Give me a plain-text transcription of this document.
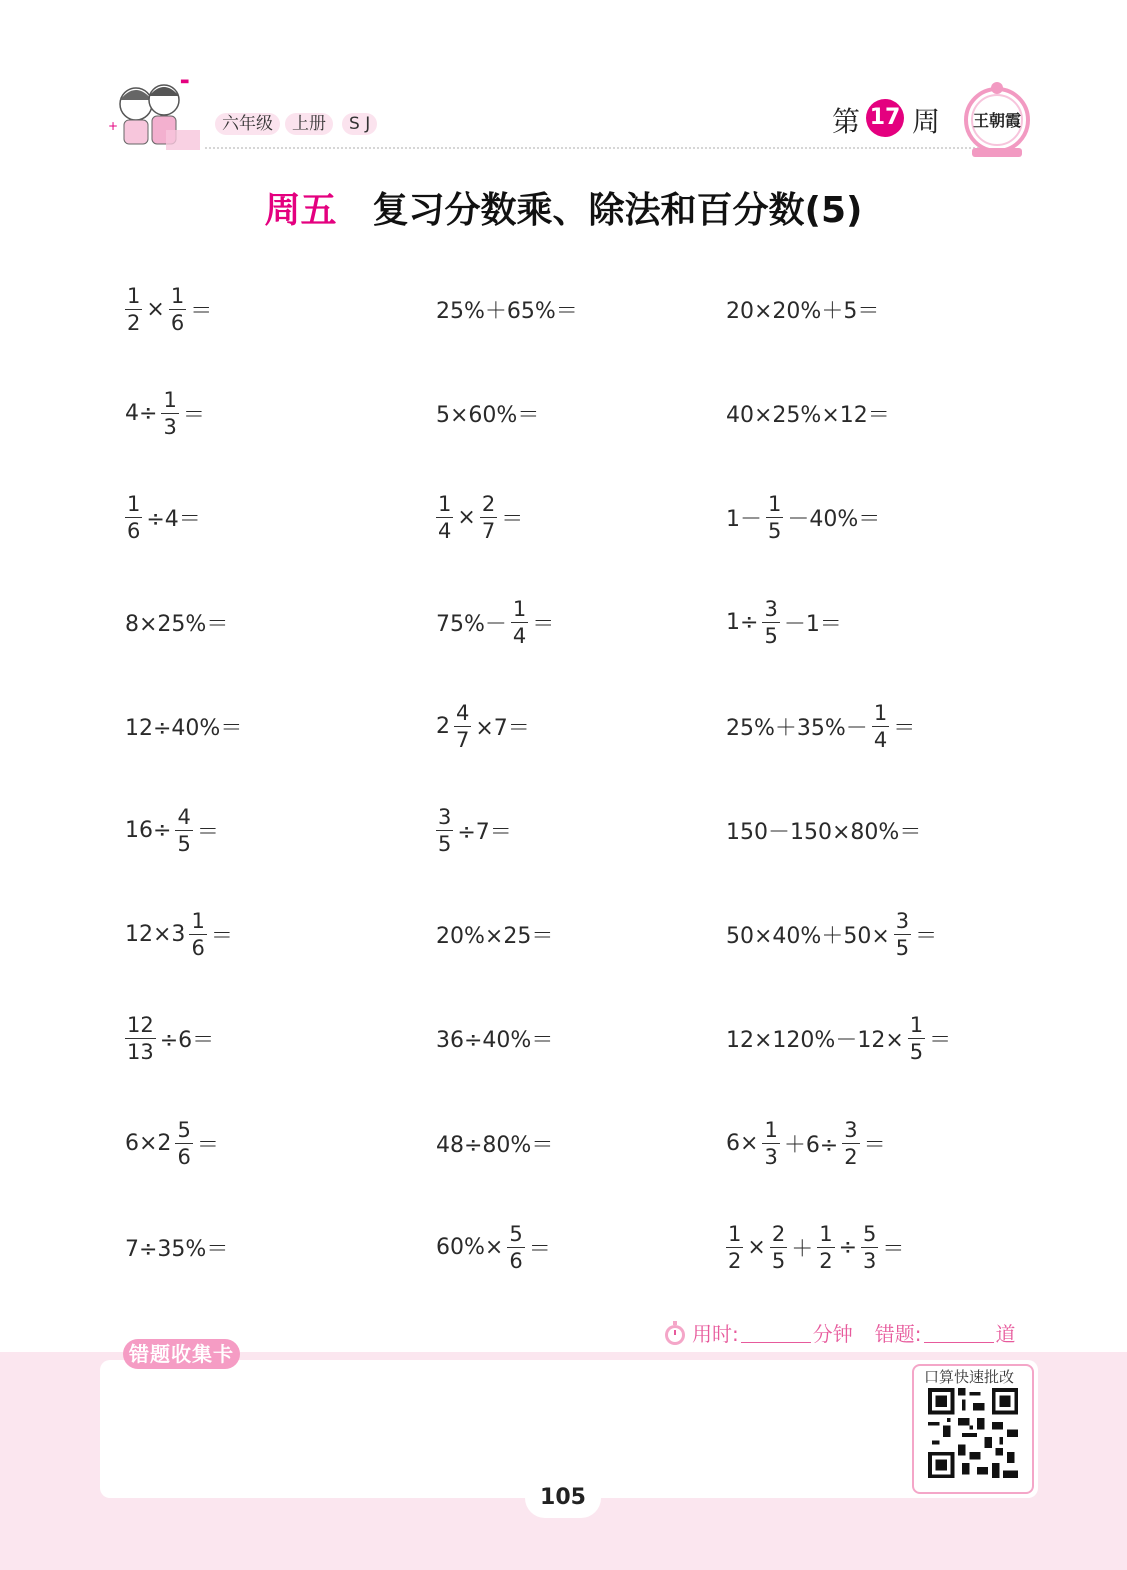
▬
+	六年级	上册	S J	第 17 周	王朝霞
周五 复习分数乘、除法和百分数(5)
$\frac{1}{2} \times \frac{1}{6}$ ＝	25%＋65%＝	20×20%＋5＝
$4\div \frac{1}{3}$ ＝	5×60%＝	40×25%×12＝
$\frac{1}{6} \div 4=$	$\frac{1}{4} \times \frac{2}{7}$ ＝	$1- \frac{1}{5} -40\%=$
8×25%＝	$75\%- \frac{1}{4}$ ＝	$1\div \frac{3}{5} -1=$
12÷40%＝	$2 \frac{4}{7} \times 7=$	$25\%+35\%- \frac{1}{4}$ ＝
$16\div \frac{4}{5}$ ＝	$\frac{3}{5} \div 7=$	150－150×80%＝
$12\times 3 \frac{1}{6}$ ＝	20%×25＝	$50\times 40\%+50\times \frac{3}{5}$ ＝
$\frac{12}{13} \div 6=$	36÷40%＝	$12\times 120\%-12\times \frac{1}{5}$ ＝
$6\times 2 \frac{5}{6}$ ＝	48÷80%＝	$6\times \frac{1}{3} +6\div \frac{3}{2}$ ＝
7÷35%＝	$60\%\times \frac{5}{6}$ ＝	$\frac{1}{2} \times \frac{2}{5} + \frac{1}{2} \div \frac{5}{3}$ ＝
用时:	分钟 错题:	道
错题收集卡
口算快速批改
105
